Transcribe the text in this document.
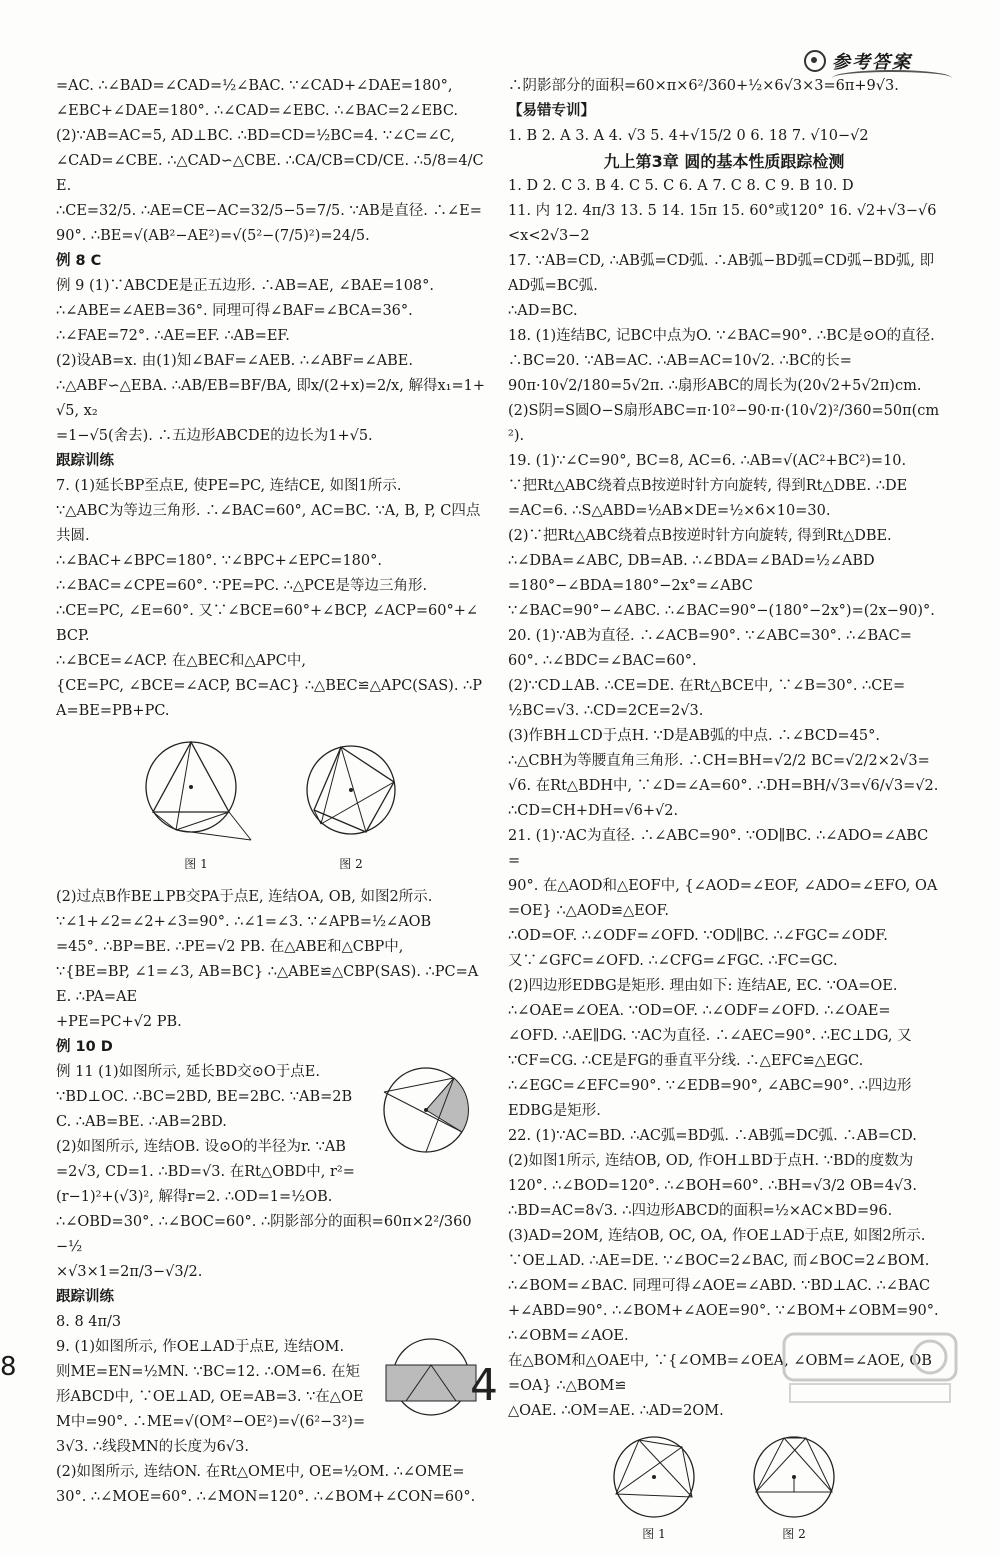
参考答案

=AC. ∴∠BAD=∠CAD=½∠BAC. ∵∠CAD+∠DAE=180°,

∠EBC+∠DAE=180°. ∴∠CAD=∠EBC. ∴∠BAC=2∠EBC.

(2)∵AB=AC=5, AD⊥BC. ∴BD=CD=½BC=4. ∵∠C=∠C,

∠CAD=∠CBE. ∴△CAD∽△CBE. ∴CA/CB=CD/CE. ∴5/8=4/CE.

∴CE=32/5. ∴AE=CE−AC=32/5−5=7/5. ∵AB是直径. ∴∠E=

90°. ∴BE=√(AB²−AE²)=√(5²−(7/5)²)=24/5.

例 8 C

例 9 (1)∵ABCDE是正五边形. ∴AB=AE, ∠BAE=108°.

∴∠ABE=∠AEB=36°. 同理可得∠BAF=∠BCA=36°.

∴∠FAE=72°. ∴AE=EF. ∴AB=EF.

(2)设AB=x. 由(1)知∠BAF=∠AEB. ∴∠ABF=∠ABE.

∴△ABF∽△EBA. ∴AB/EB=BF/BA, 即x/(2+x)=2/x, 解得x₁=1+√5, x₂

=1−√5(舍去). ∴五边形ABCDE的边长为1+√5.

跟踪训练

7. (1)延长BP至点E, 使PE=PC, 连结CE, 如图1所示.

∵△ABC为等边三角形. ∴∠BAC=60°, AC=BC. ∵A, B, P, C四点共圆.

∴∠BAC+∠BPC=180°. ∵∠BPC+∠EPC=180°.

∴∠BAC=∠CPE=60°. ∵PE=PC. ∴△PCE是等边三角形.

∴CE=PC, ∠E=60°. 又∵∠BCE=60°+∠BCP, ∠ACP=60°+∠BCP.

∴∠BCE=∠ACP. 在△BEC和△APC中,

{CE=PC, ∠BCE=∠ACP, BC=AC} ∴△BEC≌△APC(SAS). ∴PA=BE=PB+PC.

图 1	图 2

(2)过点B作BE⊥PB交PA于点E, 连结OA, OB, 如图2所示.

∵∠1+∠2=∠2+∠3=90°. ∴∠1=∠3. ∵∠APB=½∠AOB

=45°. ∴BP=BE. ∴PE=√2 PB. 在△ABE和△CBP中,

∵{BE=BP, ∠1=∠3, AB=BC} ∴△ABE≌△CBP(SAS). ∴PC=AE. ∴PA=AE

+PE=PC+√2 PB.

例 10 D

例 11 (1)如图所示, 延长BD交⊙O于点E.

∵BD⊥OC. ∴BC=2BD, BE=2BC. ∵AB=2BC. ∴AB=BE. ∴AB=2BD.

(2)如图所示, 连结OB. 设⊙O的半径为r. ∵AB=2√3, CD=1. ∴BD=√3. 在Rt△OBD中, r²=

(r−1)²+(√3)², 解得r=2. ∴OD=1=½OB.

∴∠OBD=30°. ∴∠BOC=60°. ∴阴影部分的面积=60π×2²/360−½

×√3×1=2π/3−√3/2.

跟踪训练

8. 8 4π/3

9. (1)如图所示, 作OE⊥AD于点E, 连结OM.

则ME=EN=½MN. ∵BC=12. ∴OM=6. 在矩形ABCD中, ∵OE⊥AD, OE=AB=3. ∵在△OEM中=90°. ∴ME=√(OM²−OE²)=√(6²−3²)=3√3. ∴线段MN的长度为6√3.

(2)如图所示, 连结ON. 在Rt△OME中, OE=½OM. ∴∠OME=

30°. ∴∠MOE=60°. ∴∠MON=120°. ∴∠BOM+∠CON=60°.

∴阴影部分的面积=60×π×6²/360+½×6√3×3=6π+9√3.

【易错专训】

1. B 2. A 3. A 4. √3 5. 4+√15/2 0 6. 18 7. √10−√2

九上第3章 圆的基本性质跟踪检测

1. D 2. C 3. B 4. C 5. C 6. A 7. C 8. C 9. B 10. D

11. 内 12. 4π/3 13. 5 14. 15π 15. 60°或120° 16. √2+√3−√6

<x<2√3−2

17. ∵AB=CD, ∴AB弧=CD弧. ∴AB弧−BD弧=CD弧−BD弧, 即AD弧=BC弧.

∴AD=BC.

18. (1)连结BC, 记BC中点为O. ∵∠BAC=90°. ∴BC是⊙O的直径. ∴BC=20. ∵AB=AC. ∴AB=AC=10√2. ∴BC的长=

90π·10√2/180=5√2π. ∴扇形ABC的周长为(20√2+5√2π)cm.

(2)S阴=S圆O−S扇形ABC=π·10²−90·π·(10√2)²/360=50π(cm²).

19. (1)∵∠C=90°, BC=8, AC=6. ∴AB=√(AC²+BC²)=10.

∵把Rt△ABC绕着点B按逆时针方向旋转, 得到Rt△DBE. ∴DE

=AC=6. ∴S△ABD=½AB×DE=½×6×10=30.

(2)∵把Rt△ABC绕着点B按逆时针方向旋转, 得到Rt△DBE.

∴∠DBA=∠ABC, DB=AB. ∴∠BDA=∠BAD=½∠ABD

=180°−∠BDA=180°−2x°=∠ABC

∵∠BAC=90°−∠ABC. ∴∠BAC=90°−(180°−2x°)=(2x−90)°.

20. (1)∵AB为直径. ∴∠ACB=90°. ∵∠ABC=30°. ∴∠BAC=

60°. ∴∠BDC=∠BAC=60°.

(2)∵CD⊥AB. ∴CE=DE. 在Rt△BCE中, ∵∠B=30°. ∴CE=

½BC=√3. ∴CD=2CE=2√3.

(3)作BH⊥CD于点H. ∵D是AB弧的中点. ∴∠BCD=45°.

∴△CBH为等腰直角三角形. ∴CH=BH=√2/2 BC=√2/2×2√3=

√6. 在Rt△BDH中, ∵∠D=∠A=60°. ∴DH=BH/√3=√6/√3=√2.

∴CD=CH+DH=√6+√2.

21. (1)∵AC为直径. ∴∠ABC=90°. ∵OD∥BC. ∴∠ADO=∠ABC=

90°. 在△AOD和△EOF中, {∠AOD=∠EOF, ∠ADO=∠EFO, OA=OE} ∴△AOD≌△EOF.

∴OD=OF. ∴∠ODF=∠OFD. ∵OD∥BC. ∴∠FGC=∠ODF.

又∵∠GFC=∠OFD. ∴∠CFG=∠FGC. ∴FC=GC.

(2)四边形EDBG是矩形. 理由如下: 连结AE, EC. ∵OA=OE.

∴∠OAE=∠OEA. ∵OD=OF. ∴∠ODF=∠OFD. ∴∠OAE=

∠OFD. ∴AE∥DG. ∵AC为直径. ∴∠AEC=90°. ∴EC⊥DG, 又

∵CF=CG. ∴CE是FG的垂直平分线. ∴△EFC≌△EGC.

∴∠EGC=∠EFC=90°. ∵∠EDB=90°, ∠ABC=90°. ∴四边形

EDBG是矩形.

22. (1)∵AC=BD. ∴AC弧=BD弧. ∴AB弧=DC弧. ∴AB=CD.

(2)如图1所示, 连结OB, OD, 作OH⊥BD于点H. ∵BD的度数为

120°. ∴∠BOD=120°. ∴∠BOH=60°. ∴BH=√3/2 OB=4√3.

∴BD=AC=8√3. ∴四边形ABCD的面积=½×AC×BD=96.

(3)AD=2OM, 连结OB, OC, OA, 作OE⊥AD于点E, 如图2所示. ∵OE⊥AD. ∴AE=DE. ∵∠BOC=2∠BAC, 而∠BOC=2∠BOM. ∴∠BOM=∠BAC. 同理可得∠AOE=∠ABD. ∵BD⊥AC. ∴∠BAC+∠ABD=90°. ∴∠BOM+∠AOE=90°. ∵∠BOM+∠OBM=90°. ∴∠OBM=∠AOE.

在△BOM和△OAE中, ∵{∠OMB=∠OEA, ∠OBM=∠AOE, OB=OA} ∴△BOM≌

△OAE. ∴OM=AE. ∴AD=2OM.

图 1	图 2
8	4
